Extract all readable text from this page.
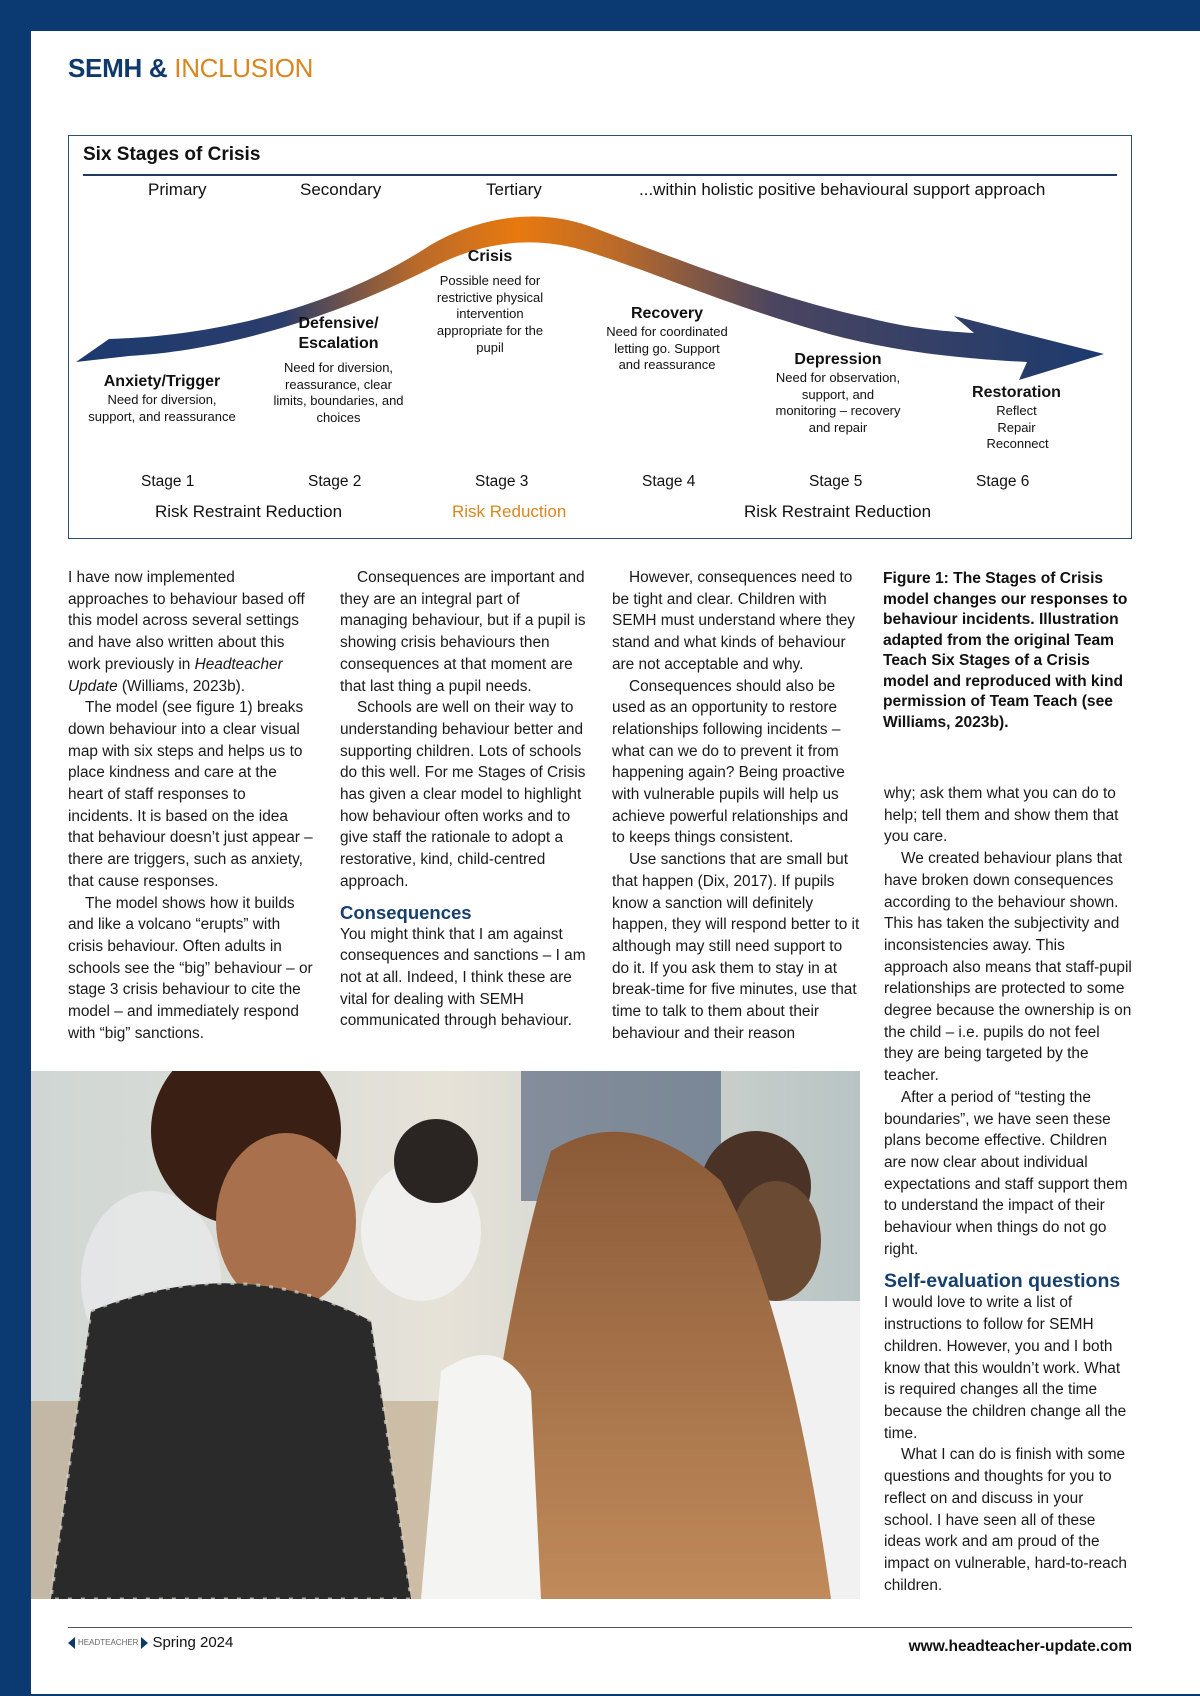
SEMH & INCLUSION
Six Stages of Crisis
Primary	Secondary	Tertiary	...within holistic positive behavioural support approach
Anxiety/Trigger
Need for diversion, support, and reassurance
Defensive/ Escalation
Need for diversion, reassurance, clear limits, boundaries, and choices
Crisis
Possible need for restrictive physical intervention appropriate for the pupil
Recovery
Need for coordinated letting go. Support and reassurance	Depression
Need for observation, support, and monitoring – recovery and repair
Restoration
Reflect Repair Reconnect
Stage 1	Stage 2	Stage 3	Stage 4	Stage 5	Stage 6
Risk Restraint Reduction	Risk Reduction	Risk Restraint Reduction

I have now implemented approaches to behaviour based off this model across several settings and have also written about this work previously in Headteacher Update (Williams, 2023b).

The model (see figure 1) breaks down behaviour into a clear visual map with six steps and helps us to place kindness and care at the heart of staff responses to incidents. It is based on the idea that behaviour doesn’t just appear – there are triggers, such as anxiety, that cause responses.

The model shows how it builds and like a volcano “erupts” with crisis behaviour. Often adults in schools see the “big” behaviour – or stage 3 crisis behaviour to cite the model – and immediately respond with “big” sanctions.

Consequences are important and they are an integral part of managing behaviour, but if a pupil is showing crisis behaviours then consequences at that moment are that last thing a pupil needs.

Schools are well on their way to understanding behaviour better and supporting children. Lots of schools do this well. For me Stages of Crisis has given a clear model to highlight how behaviour often works and to give staff the rationale to adopt a restorative, kind, child-centred approach.

Consequences

You might think that I am against consequences and sanctions – I am not at all. Indeed, I think these are vital for dealing with SEMH communicated through behaviour.

However, consequences need to be tight and clear. Children with SEMH must understand where they stand and what kinds of behaviour are not acceptable and why.

Consequences should also be used as an opportunity to restore relationships following incidents – what can we do to prevent it from happening again? Being proactive with vulnerable pupils will help us achieve powerful relationships and to keeps things consistent.

Use sanctions that are small but that happen (Dix, 2017). If pupils know a sanction will definitely happen, they will respond better to it although may still need support to do it. If you ask them to stay in at break-time for five minutes, use that time to talk to them about their behaviour and their reason

Figure 1: The Stages of Crisis model changes our responses to behaviour incidents. Illustration adapted from the original Team Teach Six Stages of a Crisis model and reproduced with kind permission of Team Teach (see Williams, 2023b).

why; ask them what you can do to help; tell them and show them that you care.

We created behaviour plans that have broken down consequences according to the behaviour shown. This has taken the subjectivity and inconsistencies away. This approach also means that staff-pupil relationships are protected to some degree because the ownership is on the child – i.e. pupils do not feel they are being targeted by the teacher.

After a period of “testing the boundaries”, we have seen these plans become effective. Children are now clear about individual expectations and staff support them to understand the impact of their behaviour when things do not go right.

Self-evaluation questions

I would love to write a list of instructions to follow for SEMH children. However, you and I both know that this wouldn’t work. What is required changes all the time because the children change all the time.

What I can do is finish with some questions and thoughts for you to reflect on and discuss in your school. I have seen all of these ideas work and am proud of the impact on vulnerable, hard-to-reach children.

HEADTEACHER Spring 2024	www.headteacher-update.com
